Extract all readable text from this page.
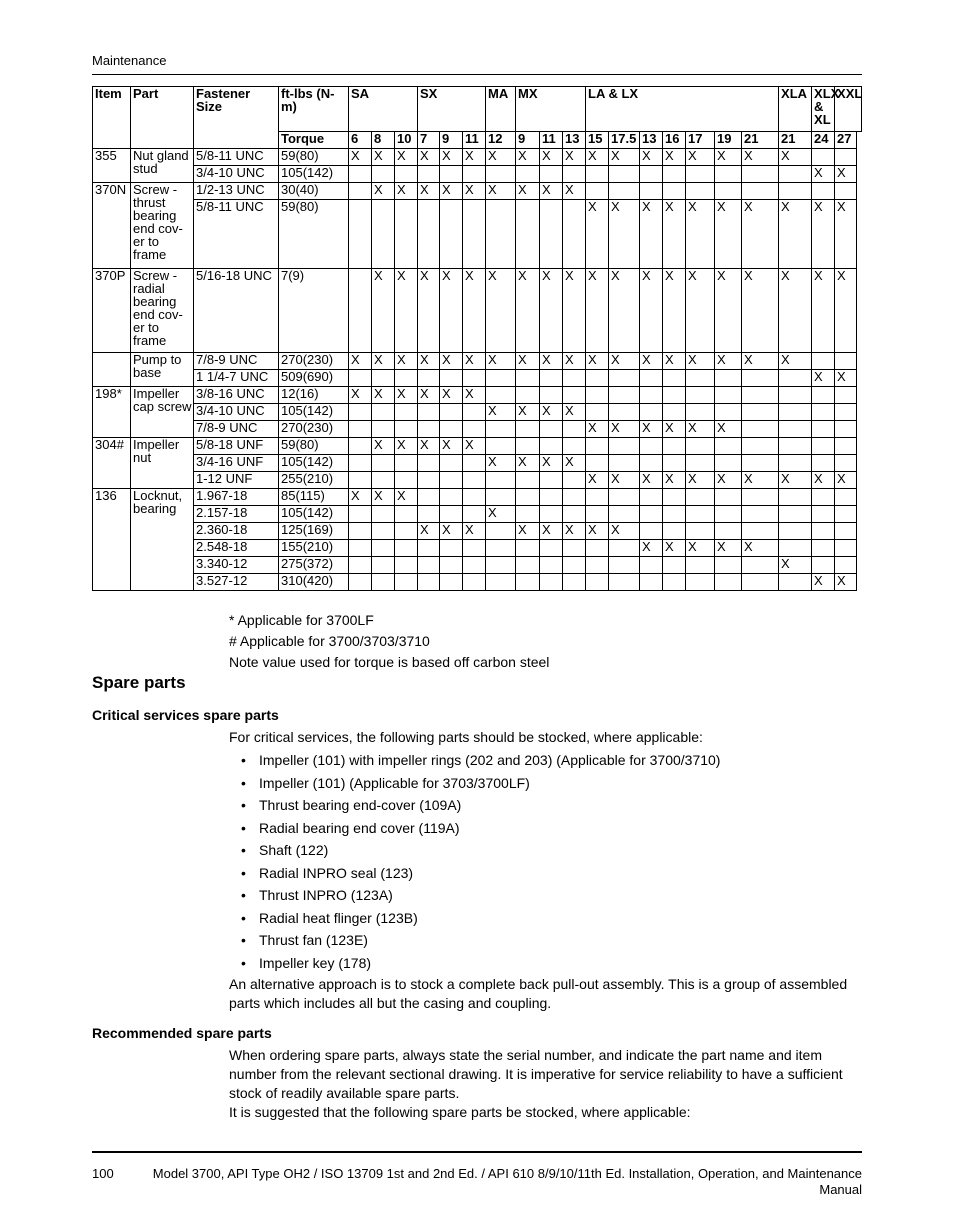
Maintenance
Item	Part	Fastener Size	ft-lbs (N-m)	SA			SX			MA	MX			LA & LX							XLA	XLX & XL	XXL
			Torque	6	8	10	7	9	11	12	9	11	13	15	17.5	13	16	17	19	21	21	24	27
355	Nut gland stud	5/8-11 UNC	59(80)	X	X	X	X	X	X	X	X	X	X	X	X	X	X	X	X	X	X		
		3/4-10 UNC	105(142)																			X	X
370N	Screw - thrust bearing end cov-er to frame	1/2-13 UNC	30(40)		X	X	X	X	X	X	X	X	X										
		5/8-11 UNC	59(80)											X	X	X	X	X	X	X	X	X	X
370P	Screw - radial bearing end cov-er to frame	5/16-18 UNC	7(9)		X	X	X	X	X	X	X	X	X	X	X	X	X	X	X	X	X	X	X
	Pump to base	7/8-9 UNC	270(230)	X	X	X	X	X	X	X	X	X	X	X	X	X	X	X	X	X	X		
		1 1/4-7 UNC	509(690)																			X	X
198*	Impeller cap screw	3/8-16 UNC	12(16)	X	X	X	X	X	X														
		3/4-10 UNC	105(142)							X	X	X	X										
		7/8-9 UNC	270(230)											X	X	X	X	X	X				
304#	Impeller nut	5/8-18 UNF	59(80)		X	X	X	X	X														
		3/4-16 UNF	105(142)							X	X	X	X										
		1-12 UNF	255(210)											X	X	X	X	X	X	X	X	X	X
136	Locknut, bearing	1.967-18	85(115)	X	X	X																	
		2.157-18	105(142)							X													
		2.360-18	125(169)				X	X	X		X	X	X	X	X								
		2.548-18	155(210)													X	X	X	X	X			
		3.340-12	275(372)																		X		
		3.527-12	310(420)																			X	X
* Applicable for 3700LF
# Applicable for 3700/3703/3710
Note value used for torque is based off carbon steel
Spare parts
Critical services spare parts

For critical services, the following parts should be stocked, where applicable:

• Impeller (101) with impeller rings (202 and 203) (Applicable for 3700/3710)
• Impeller (101) (Applicable for 3703/3700LF)
• Thrust bearing end-cover (109A)
• Radial bearing end cover (119A)
• Shaft (122)
• Radial INPRO seal (123)
• Thrust INPRO (123A)
• Radial heat flinger (123B)
• Thrust fan (123E)
• Impeller key (178)

An alternative approach is to stock a complete back pull-out assembly. This is a group of assembled parts which includes all but the casing and coupling.

Recommended spare parts

When ordering spare parts, always state the serial number, and indicate the part name and item number from the relevant sectional drawing. It is imperative for service reliability to have a sufficient stock of readily available spare parts.

It is suggested that the following spare parts be stocked, where applicable:

100	Model 3700, API Type OH2 / ISO 13709 1st and 2nd Ed. / API 610 8/9/10/11th Ed. Installation, Operation, and Maintenance Manual
